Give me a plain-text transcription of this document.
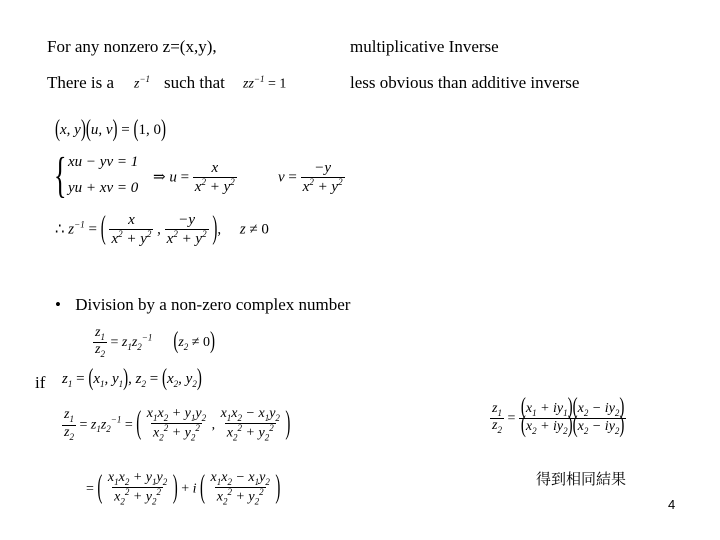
For any nonzero z=(x,y),	multiplicative Inverse
There is a $z^{-1}$ such that $zz^{-1} = 1$	less obvious than additive inverse
(x, y)(u, v) = (1, 0)
{ xu − yv = 1
yu + xv = 0
⇒ $u = \frac{x}{x^2 + y^2}$	$v = \frac{-y}{x^2 + y^2}$
∴ $z^{-1}$ = ( $\frac{x}{x^2 + y^2}$ , $\frac{-y}{x^2 + y^2}$ ),     z ≠ 0
• Division by a non-zero complex number
$\frac{z_1}{z_2} = z_1z_2^{-1}$ $(z_2 \ne 0)$
if $z_1 = (x_1$, $y_1$), $z_2 = (x_2$, $y_2$)
$\frac{z_1}{z_2} = z_1z_2^{-1}$ = ( $\frac{x_1x_2 + y_1y_2}{x_2^2 + y_2^2}$ , $\frac{x_1x_2 - x_1y_2}{x_2^2 + y_2^2}$ )
= ( $\frac{x_1x_2 + y_1y_2}{x_2^2 + y_2^2}$ ) + i ( $\frac{x_1x_2 - x_1y_2}{x_2^2 + y_2^2}$ )
$\frac{z_1}{z_2} = \frac{(x_1 + iy_1)(x_2 - iy_2)}{(x_2 + iy_2)(x_2 - iy_2)}$
得到相同結果
4
